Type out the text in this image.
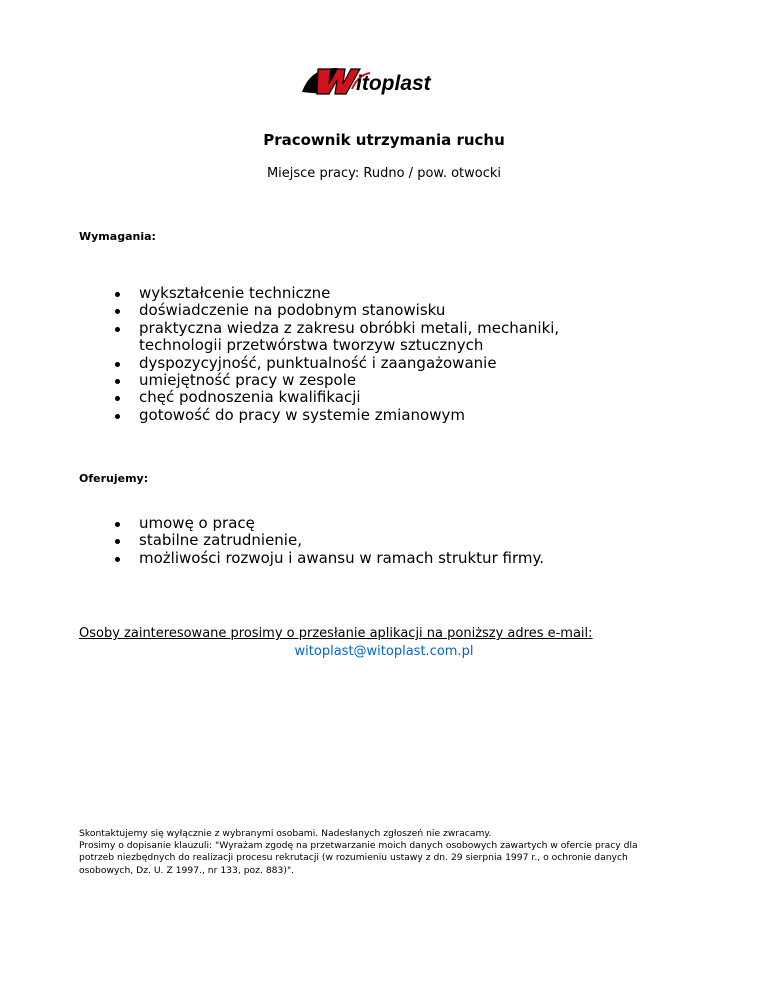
itoplast
Pracownik utrzymania ruchu
Miejsce pracy: Rudno / pow. otwocki
Wymagania:
wykształcenie techniczne
doświadczenie na podobnym stanowisku
praktyczna wiedza z zakresu obróbki metali, mechaniki, technologii przetwórstwa tworzyw sztucznych
dyspozycyjność, punktualność i zaangażowanie
umiejętność pracy w zespole
chęć podnoszenia kwalifikacji
gotowość do pracy w systemie zmianowym
Oferujemy:
umowę o pracę
stabilne zatrudnienie,
możliwości rozwoju i awansu w ramach struktur firmy.
Osoby zainteresowane prosimy o przesłanie aplikacji na poniższy adres e-mail:
witoplast@witoplast.com.pl

Skontaktujemy się wyłącznie z wybranymi osobami. Nadesłanych zgłoszeń nie zwracamy.

Prosimy o dopisanie klauzuli: "Wyrażam zgodę na przetwarzanie moich danych osobowych zawartych w ofercie pracy dla potrzeb niezbędnych do realizacji procesu rekrutacji (w rozumieniu ustawy z dn. 29 sierpnia 1997 r., o ochronie danych osobowych, Dz. U. Z 1997., nr 133, poz. 883)".
